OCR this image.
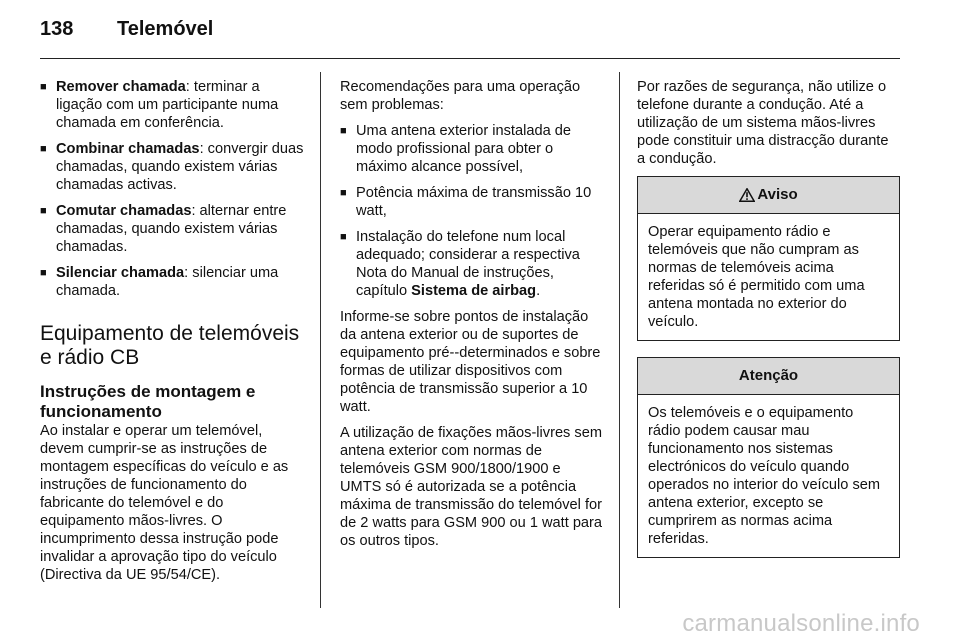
138	Telemóvel
■ Remover chamada: terminar a ligação com um participante numa chamada em conferência.
■ Combinar chamadas: convergir duas chamadas, quando existem várias chamadas activas.
■ Comutar chamadas: alternar entre chamadas, quando existem várias chamadas.
■ Silenciar chamada: silenciar uma chamada.
Equipamento de telemóveis e rádio CB
Instruções de montagem e funcionamento

Ao instalar e operar um telemóvel, devem cumprir-se as instruções de montagem específicas do veículo e as instruções de funcionamento do fabricante do telemóvel e do equipamento mãos-livres. O incumprimento dessa instrução pode invalidar a aprovação tipo do veículo (Directiva da UE 95/54/CE).

Recomendações para uma operação sem problemas:

■ Uma antena exterior instalada de modo profissional para obter o máximo alcance possível,
■ Potência máxima de transmissão 10 watt,
■ Instalação do telefone num local adequado; considerar a respectiva Nota do Manual de instruções, capítulo Sistema de airbag.

Informe-se sobre pontos de instalação da antena exterior ou de suportes de equipamento pré--determinados e sobre formas de utilizar dispositivos com potência de transmissão superior a 10 watt.

A utilização de fixações mãos-livres sem antena exterior com normas de telemóveis GSM 900/1800/1900 e UMTS só é autorizada se a potência máxima de transmissão do telemóvel for de 2 watts para GSM 900 ou 1 watt para os outros tipos.

Por razões de segurança, não utilize o telefone durante a condução. Até a utilização de um sistema mãos-livres pode constituir uma distracção durante a condução.

Aviso
Operar equipamento rádio e telemóveis que não cumpram as normas de telemóveis acima referidas só é permitido com uma antena montada no exterior do veículo.
Atenção
Os telemóveis e o equipamento rádio podem causar mau funcionamento nos sistemas electrónicos do veículo quando operados no interior do veículo sem antena exterior, excepto se cumprirem as normas acima referidas.
carmanualsonline.info
